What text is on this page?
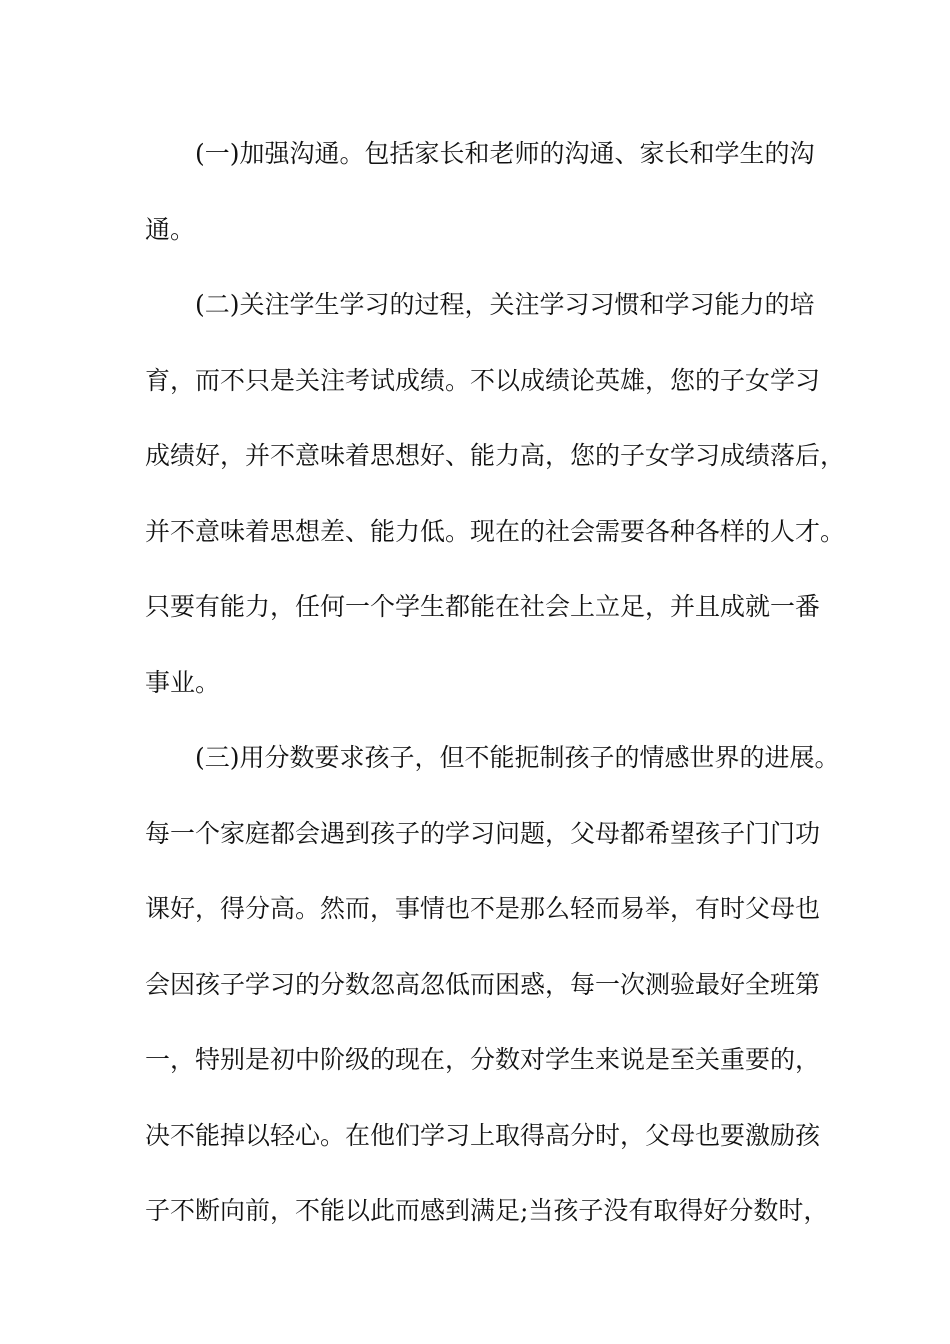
(一)加强沟通。包括家长和老师的沟通、家长和学生的沟

通。

(二)关注学生学习的过程，关注学习习惯和学习能力的培

育，而不只是关注考试成绩。不以成绩论英雄，您的子女学习

成绩好，并不意味着思想好、能力高，您的子女学习成绩落后，

并不意味着思想差、能力低。现在的社会需要各种各样的人才。

只要有能力，任何一个学生都能在社会上立足，并且成就一番

事业。

(三)用分数要求孩子，但不能扼制孩子的情感世界的进展。

每一个家庭都会遇到孩子的学习问题，父母都希望孩子门门功

课好，得分高。然而，事情也不是那么轻而易举，有时父母也

会因孩子学习的分数忽高忽低而困惑，每一次测验最好全班第

一，特别是初中阶级的现在，分数对学生来说是至关重要的，

决不能掉以轻心。在他们学习上取得高分时，父母也要激励孩

子不断向前，不能以此而感到满足;当孩子没有取得好分数时，
